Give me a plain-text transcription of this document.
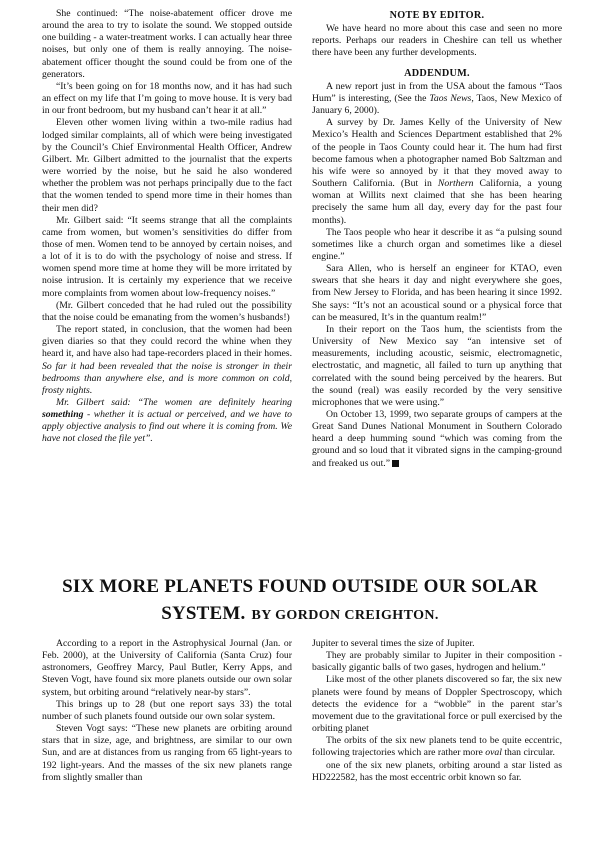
She continued: “The noise-abatement officer drove me around the area to try to isolate the sound. We stopped outside one building - a water-treatment works. I can actually hear three noises, but only one of them is really annoying. The noise-abatement officer thought the sound could be from one of the generators.

“It’s been going on for 18 months now, and it has had such an effect on my life that I’m going to move house. It is very bad in our front bedroom, but my husband can’t hear it at all.”

Eleven other women living within a two-mile radius had lodged similar complaints, all of which were being investigated by the Council’s Chief Environmental Health Officer, Andrew Gilbert. Mr. Gilbert admitted to the journalist that the experts were worried by the noise, but he said he also wondered whether the problem was not perhaps principally due to the fact that the women tended to spend more time in their homes than their men did?

Mr. Gilbert said: “It seems strange that all the complaints came from women, but women’s sensitivities do differ from those of men. Women tend to be annoyed by certain noises, and a lot of it is to do with the psychology of noise and stress. If women spend more time at home they will be more irritated by noise intrusion. It is certainly my experience that we receive more complaints from women about low-frequency noises.”

(Mr. Gilbert conceded that he had ruled out the possibility that the noise could be emanating from the women’s husbands!)

The report stated, in conclusion, that the women had been given diaries so that they could record the whine when they heard it, and have also had tape-recorders placed in their homes. So far it had been revealed that the noise is stronger in their bedrooms than anywhere else, and is more common on cold, frosty nights.

Mr. Gilbert said: “The women are definitely hearing something - whether it is actual or perceived, and we have to apply objective analysis to find out where it is coming from. We have not closed the file yet”.

NOTE BY EDITOR.

We have heard no more about this case and seen no more reports. Perhaps our readers in Cheshire can tell us whether there have been any further developments.

ADDENDUM.

A new report just in from the USA about the famous “Taos Hum” is interesting, (See the Taos News, Taos, New Mexico of January 6, 2000).

A survey by Dr. James Kelly of the University of New Mexico’s Health and Sciences Department established that 2% of the people in Taos County could hear it. The hum had first become famous when a photographer named Bob Saltzman and his wife were so annoyed by it that they moved away to Southern California. (But in Northern California, a young woman at Willits next claimed that she has been hearing precisely the same hum all day, every day for the past four months).

The Taos people who hear it describe it as “a pulsing sound sometimes like a church organ and sometimes like a diesel engine.”

Sara Allen, who is herself an engineer for KTAO, even swears that she hears it day and night everywhere she goes, from New Jersey to Florida, and has been hearing it since 1992. She says: “It’s not an acoustical sound or a physical force that can be measured, It’s in the quantum realm!”

In their report on the Taos hum, the scientists from the University of New Mexico say “an intensive set of measurements, including acoustic, seismic, electromagnetic, electrostatic, and magnetic, all failed to turn up anything that correlated with the sound being perceived by the hearers. But the sound (real) was easily recorded by the very sensitive microphones that we were using.”

On October 13, 1999, two separate groups of campers at the Great Sand Dunes National Monument in Southern Colorado heard a deep humming sound “which was coming from the ground and so loud that it vibrated signs in the camping-ground and freaked us out.”

SIX MORE PLANETS FOUND OUTSIDE OUR SOLAR SYSTEM. BY GORDON CREIGHTON.

According to a report in the Astrophysical Journal (Jan. or Feb. 2000), at the University of California (Santa Cruz) four astronomers, Geoffrey Marcy, Paul Butler, Kerry Apps, and Steven Vogt, have found six more planets outside our own solar system, but orbiting around “relatively near-by stars”.

This brings up to 28 (but one report says 33) the total number of such planets found outside our own solar system.

Steven Vogt says: “These new planets are orbiting around stars that in size, age, and brightness, are similar to our own Sun, and are at distances from us ranging from 65 light-years to 192 light-years. And the masses of the six new planets range from slightly smaller than

Jupiter to several times the size of Jupiter.

They are probably similar to Jupiter in their composition -basically gigantic balls of two gases, hydrogen and helium.”

Like most of the other planets discovered so far, the six new planets were found by means of Doppler Spectroscopy, which detects the evidence for a “wobble” in the parent star’s movement due to the gravitational force or pull exercised by the orbiting planet

The orbits of the six new planets tend to be quite eccentric, following trajectories which are rather more oval than circular.

one of the six new planets, orbiting around a star listed as HD222582, has the most eccentric orbit known so far.
